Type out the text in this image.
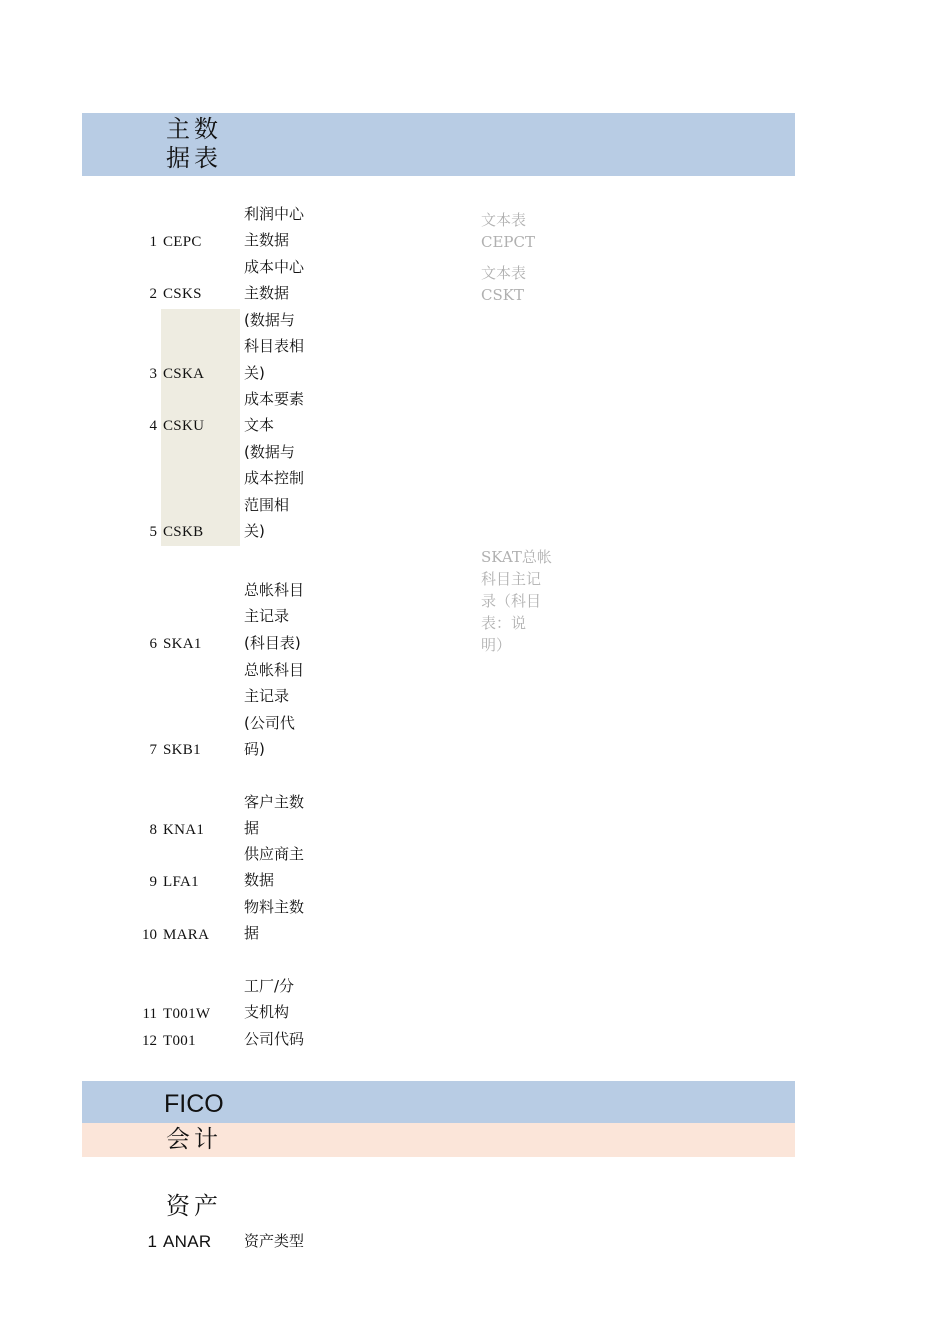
主数
据表
1 CEPC
利润中心
主数据
2 CSKS
成本中心
主数据
3 CSKA
(数据与
科目表相
关)
4 CSKU
成本要素
文本
5 CSKB
(数据与
成本控制
范围相
关)
6 SKA1
总帐科目
主记录
(科目表)
7 SKB1
总帐科目
主记录
(公司代
码)
8 KNA1
客户主数
据
9 LFA1
供应商主
数据
10 MARA
物料主数
据
11 T001W
工厂/分
支机构
12 T001	公司代码
文本表
CEPCT
文本表
CSKT
SKAT总帐
科目主记
录（科目
表：说
明）
FICO
会计
资产
1 ANAR 资产类型
